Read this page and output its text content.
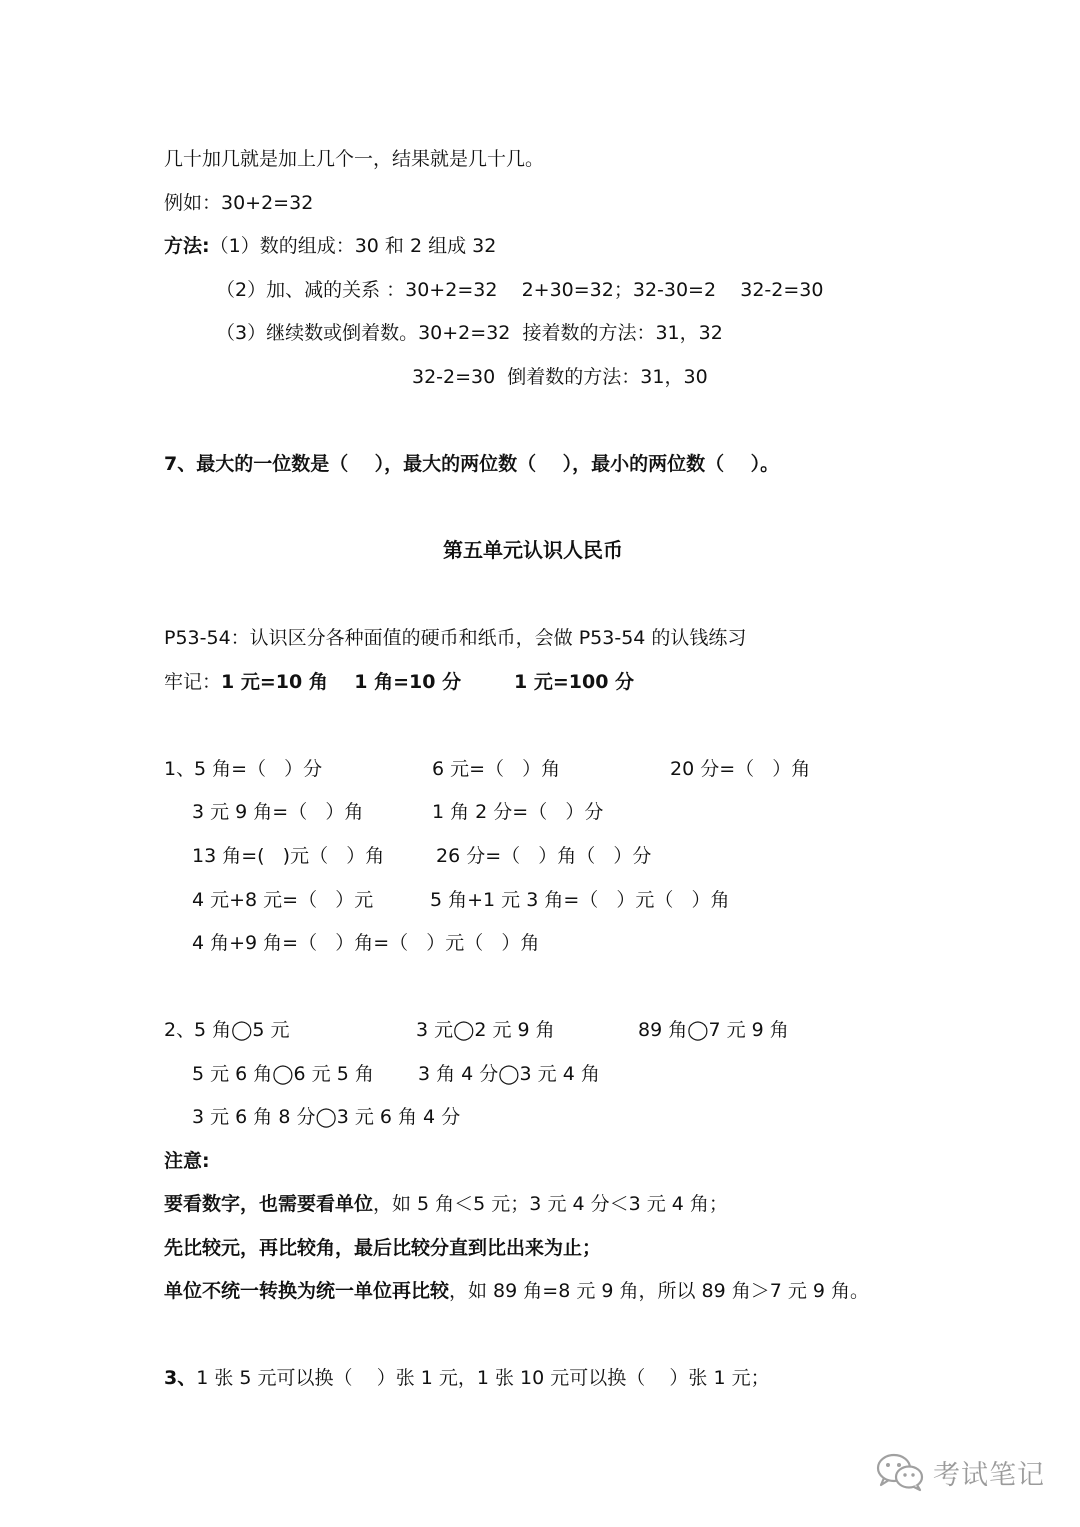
几十加几就是加上几个一，结果就是几十几。
例如：30+2=32
方法:（1）数的组成：30 和 2 组成 32
（2）加、减的关系 ：30+2=32    2+30=32；32-30=2    32-2=30
（3）继续数或倒着数。30+2=32  接着数的方法：31，32
32-2=30  倒着数的方法：31，30
7、最大的一位数是（    ），最大的两位数（    ），最小的两位数（    ）。
第五单元认识人民币
P53-54：认识区分各种面值的硬币和纸币，会做 P53-54 的认钱练习
牢记：1 元=10 角    1 角=10 分        1 元=100 分
1、
5 角=（   ）分	6 元=（   ）角	20 分=（   ）角
3 元 9 角=（   ）角	1 角 2 分=（   ）分
13 角=(   )元（   ）角	26 分=（   ）角（   ）分
4 元+8 元=（   ）元	5 角+1 元 3 角=（   ）元（   ）角
4 角+9 角=（   ）角=（   ）元（   ）角
2、
5 角◯5 元	3 元◯2 元 9 角	89 角◯7 元 9 角
5 元 6 角◯6 元 5 角 3 角 4 分◯3 元 4 角
3 元 6 角 8 分◯3 元 6 角 4 分
注意:
要看数字，也需要看单位，如 5 角＜5 元；3 元 4 分＜3 元 4 角；
先比较元，再比较角，最后比较分直到比出来为止；
单位不统一转换为统一单位再比较，如 89 角=8 元 9 角，所以 89 角＞7 元 9 角。
3、1 张 5 元可以换（    ）张 1 元，1 张 10 元可以换（    ）张 1 元；
考试笔记
